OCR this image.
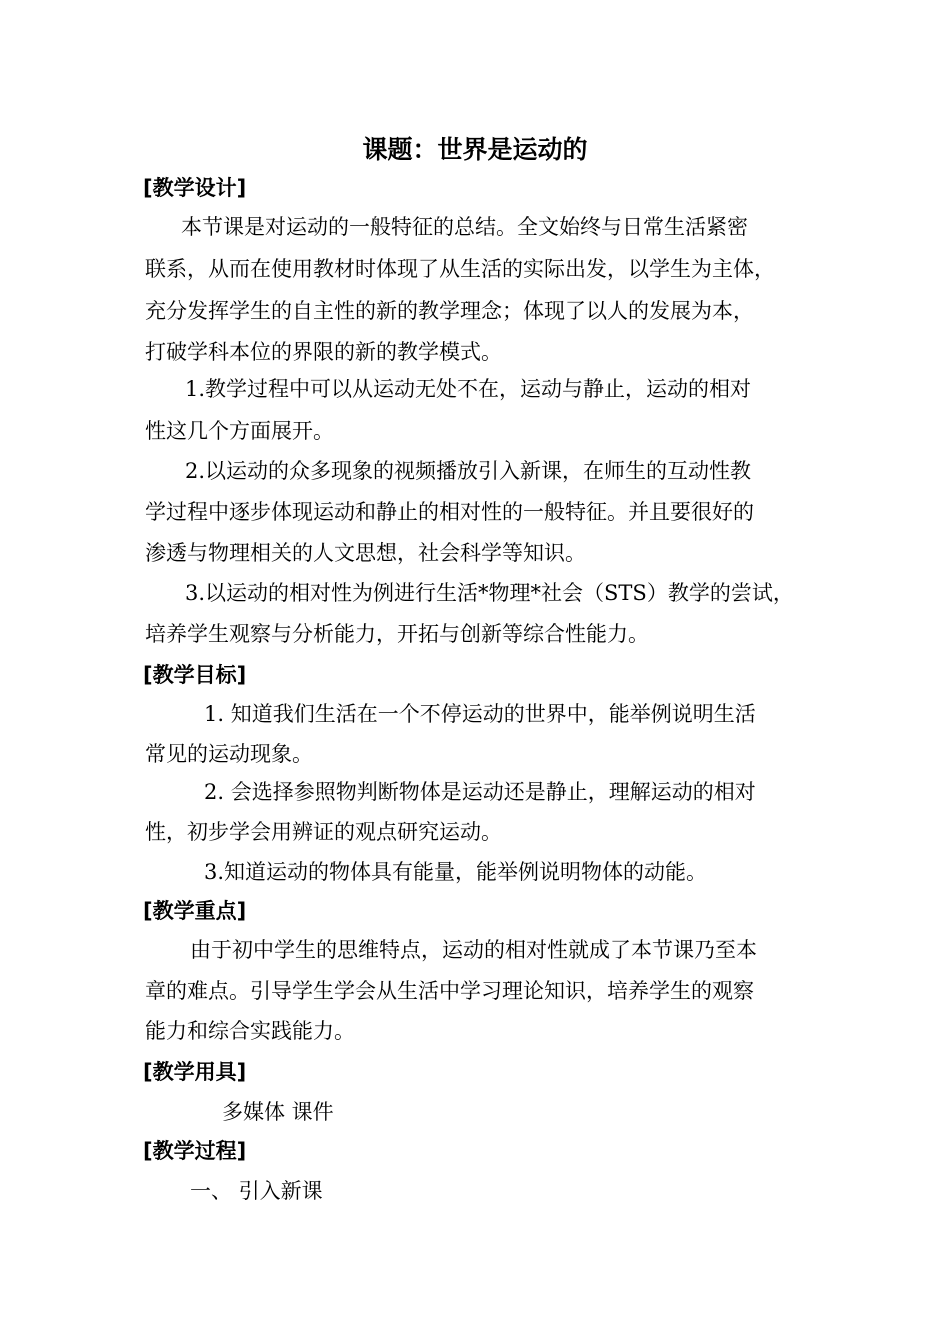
课题：世界是运动的
[教学设计]
本节课是对运动的一般特征的总结。全文始终与日常生活紧密
联系，从而在使用教材时体现了从生活的实际出发，以学生为主体，
充分发挥学生的自主性的新的教学理念；体现了以人的发展为本，
打破学科本位的界限的新的教学模式。
1.教学过程中可以从运动无处不在，运动与静止，运动的相对
性这几个方面展开。
2.以运动的众多现象的视频播放引入新课，在师生的互动性教
学过程中逐步体现运动和静止的相对性的一般特征。并且要很好的
渗透与物理相关的人文思想，社会科学等知识。
3.以运动的相对性为例进行生活*物理*社会（STS）教学的尝试，
培养学生观察与分析能力，开拓与创新等综合性能力。
[教学目标]
1. 知道我们生活在一个不停运动的世界中，能举例说明生活
常见的运动现象。
2. 会选择参照物判断物体是运动还是静止，理解运动的相对
性，初步学会用辨证的观点研究运动。
3.知道运动的物体具有能量，能举例说明物体的动能。
[教学重点]
由于初中学生的思维特点，运动的相对性就成了本节课乃至本
章的难点。引导学生学会从生活中学习理论知识，培养学生的观察
能力和综合实践能力。
[教学用具]
多媒体 课件
[教学过程]
一、 引入新课
